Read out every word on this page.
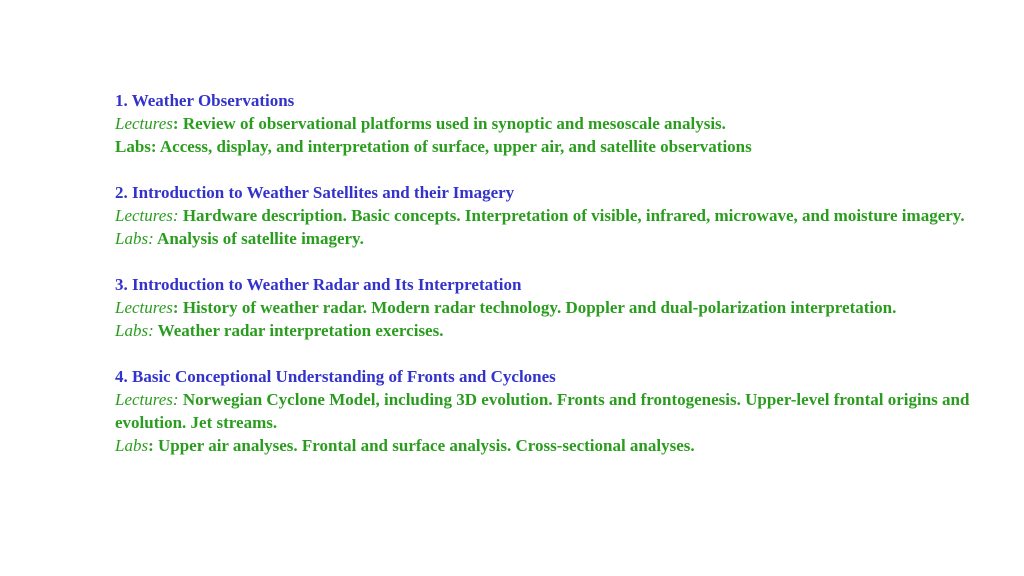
1. Weather Observations
Lectures: Review of observational platforms used in synoptic and mesoscale analysis.
Labs: Access, display, and interpretation of surface, upper air, and satellite observations
2. Introduction to Weather Satellites and their Imagery
Lectures: Hardware description. Basic concepts. Interpretation of visible, infrared, microwave, and moisture imagery.
Labs: Analysis of satellite imagery.
3. Introduction to Weather Radar and Its Interpretation
Lectures: History of weather radar. Modern radar technology. Doppler and dual-polarization interpretation.
Labs: Weather radar interpretation exercises.
4. Basic Conceptional Understanding of Fronts and Cyclones
Lectures: Norwegian Cyclone Model, including 3D evolution. Fronts and frontogenesis. Upper-level frontal origins and evolution. Jet streams.
Labs: Upper air analyses. Frontal and surface analysis. Cross-sectional analyses.
